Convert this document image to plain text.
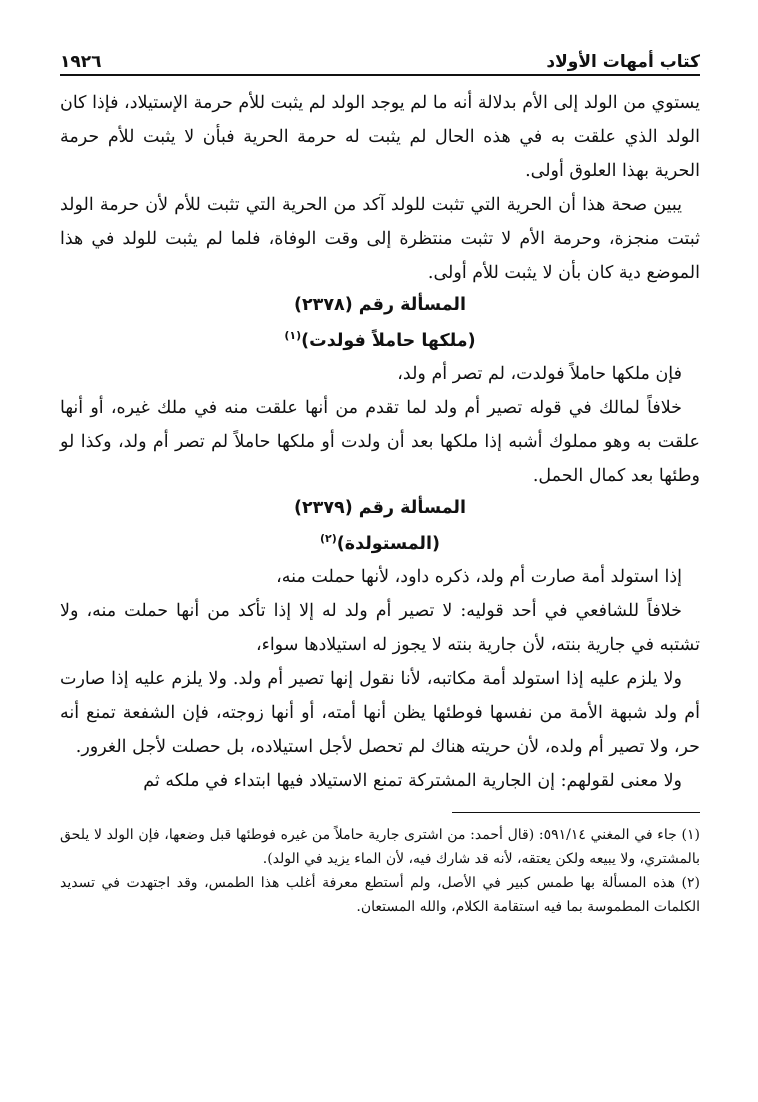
كتاب أمهات الأولاد
١٩٢٦

يستوي من الولد إلى الأم بدلالة أنه ما لم يوجد الولد لم يثبت للأم حرمة الإستيلاد، فإذا كان الولد الذي علقت به في هذه الحال لم يثبت له حرمة الحرية فبأن لا يثبت للأم حرمة الحرية بهذا العلوق أولى.

يبين صحة هذا أن الحرية التي تثبت للولد آكد من الحرية التي تثبت للأم لأن حرمة الولد ثبتت منجزة، وحرمة الأم لا تثبت منتظرة إلى وقت الوفاة، فلما لم يثبت للولد في هذا الموضع دية كان بأن لا يثبت للأم أولى.

المسألة رقم (٢٣٧٨)

(ملكها حاملاً فولدت)$^{(١)}$

فإن ملكها حاملاً فولدت، لم تصر أم ولد،

خلافاً لمالك في قوله تصير أم ولد لما تقدم من أنها علقت منه في ملك غيره، أو أنها علقت به وهو مملوك أشبه إذا ملكها بعد أن ولدت أو ملكها حاملاً لم تصر أم ولد، وكذا لو وطئها بعد كمال الحمل.

المسألة رقم (٢٣٧٩)

(المستولدة)$^{(٢)}$

إذا استولد أمة صارت أم ولد، ذكره داود، لأنها حملت منه،

خلافاً للشافعي في أحد قوليه: لا تصير أم ولد له إلا إذا تأكد من أنها حملت منه، ولا تشتبه في جارية بنته، لأن جارية بنته لا يجوز له استيلادها سواء،

ولا يلزم عليه إذا استولد أمة مكاتبه، لأنا نقول إنها تصير أم ولد. ولا يلزم عليه إذا صارت أم ولد شبهة الأمة من نفسها فوطئها يظن أنها أمته، أو أنها زوجته، فإن الشفعة تمنع أنه حر، ولا تصير أم ولده، لأن حريته هناك لم تحصل لأجل استيلاده، بل حصلت لأجل الغرور.

ولا معنى لقولهم: إن الجارية المشتركة تمنع الاستيلاد فيها ابتداء في ملكه ثم

(١) جاء في المغني ٥٩١/١٤: (قال أحمد: من اشترى جارية حاملاً من غيره فوطئها قبل وضعها، فإن الولد لا يلحق بالمشتري، ولا يبيعه ولكن يعتقه، لأنه قد شارك فيه، لأن الماء يزيد في الولد).

(٢) هذه المسألة بها طمس كبير في الأصل، ولم أستطع معرفة أغلب هذا الطمس، وقد اجتهدت في تسديد الكلمات المطموسة بما فيه استقامة الكلام، والله المستعان.
